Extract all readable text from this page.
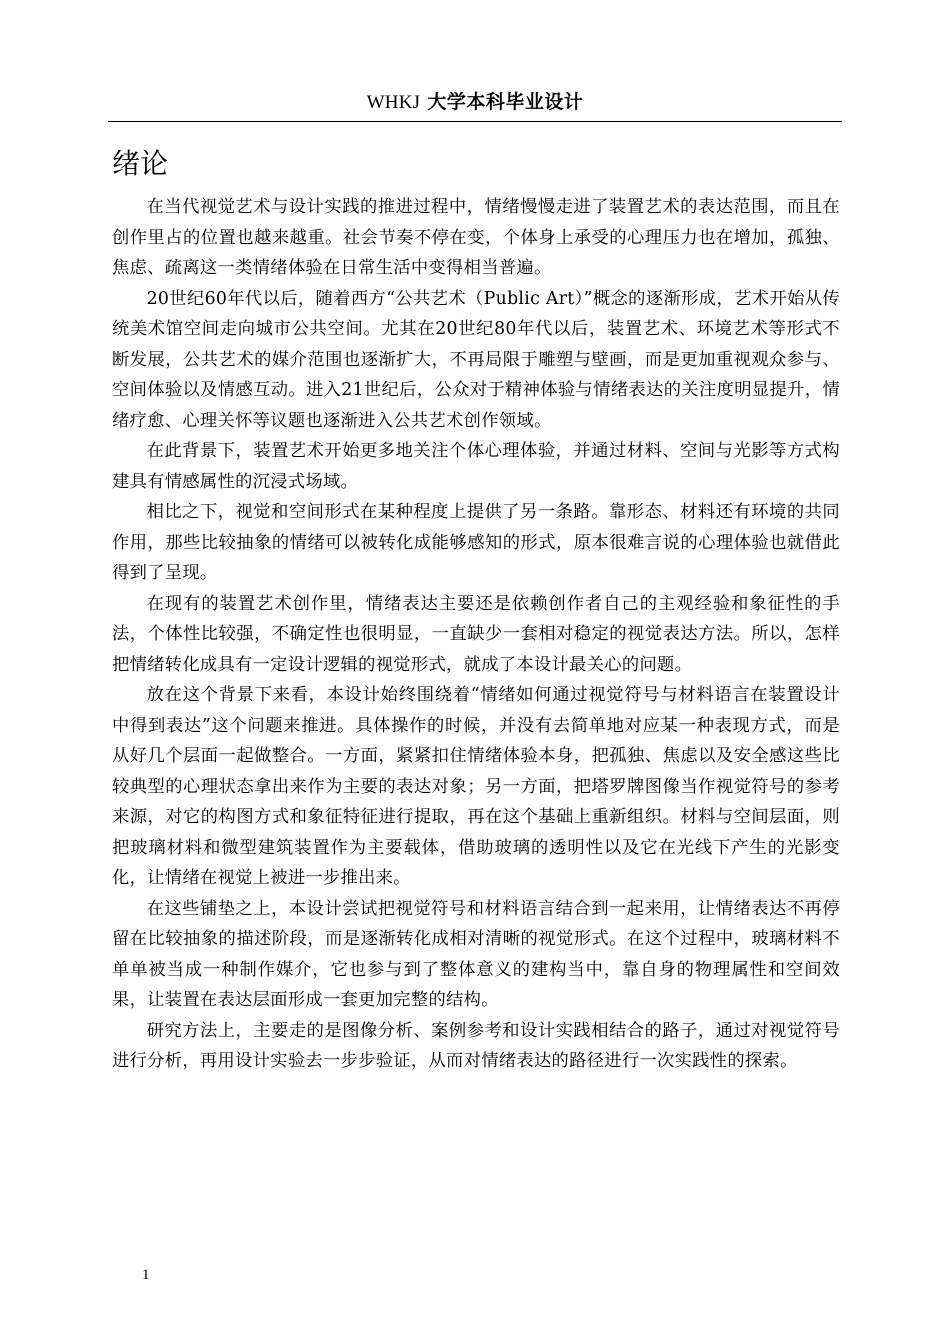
WHKJ 大学本科毕业设计
绪论

在当代视觉艺术与设计实践的推进过程中，情绪慢慢走进了装置艺术的表达范围，而且在创作里占的位置也越来越重。社会节奏不停在变，个体身上承受的心理压力也在增加，孤独、焦虑、疏离这一类情绪体验在日常生活中变得相当普遍。

20世纪60年代以后，随着西方“公共艺术（Public Art）”概念的逐渐形成，艺术开始从传统美术馆空间走向城市公共空间。尤其在20世纪80年代以后，装置艺术、环境艺术等形式不断发展，公共艺术的媒介范围也逐渐扩大，不再局限于雕塑与壁画，而是更加重视观众参与、空间体验以及情感互动。进入21世纪后，公众对于精神体验与情绪表达的关注度明显提升，情绪疗愈、心理关怀等议题也逐渐进入公共艺术创作领域。

在此背景下，装置艺术开始更多地关注个体心理体验，并通过材料、空间与光影等方式构建具有情感属性的沉浸式场域。

相比之下，视觉和空间形式在某种程度上提供了另一条路。靠形态、材料还有环境的共同作用，那些比较抽象的情绪可以被转化成能够感知的形式，原本很难言说的心理体验也就借此得到了呈现。

在现有的装置艺术创作里，情绪表达主要还是依赖创作者自己的主观经验和象征性的手法，个体性比较强，不确定性也很明显，一直缺少一套相对稳定的视觉表达方法。所以，怎样把情绪转化成具有一定设计逻辑的视觉形式，就成了本设计最关心的问题。

放在这个背景下来看，本设计始终围绕着“情绪如何通过视觉符号与材料语言在装置设计中得到表达”这个问题来推进。具体操作的时候，并没有去简单地对应某一种表现方式，而是从好几个层面一起做整合。一方面，紧紧扣住情绪体验本身，把孤独、焦虑以及安全感这些比较典型的心理状态拿出来作为主要的表达对象；另一方面，把塔罗牌图像当作视觉符号的参考来源，对它的构图方式和象征特征进行提取，再在这个基础上重新组织。材料与空间层面，则把玻璃材料和微型建筑装置作为主要载体，借助玻璃的透明性以及它在光线下产生的光影变化，让情绪在视觉上被进一步推出来。

在这些铺垫之上，本设计尝试把视觉符号和材料语言结合到一起来用，让情绪表达不再停留在比较抽象的描述阶段，而是逐渐转化成相对清晰的视觉形式。在这个过程中，玻璃材料不单单被当成一种制作媒介，它也参与到了整体意义的建构当中，靠自身的物理属性和空间效果，让装置在表达层面形成一套更加完整的结构。

研究方法上，主要走的是图像分析、案例参考和设计实践相结合的路子，通过对视觉符号进行分析，再用设计实验去一步步验证，从而对情绪表达的路径进行一次实践性的探索。

1
